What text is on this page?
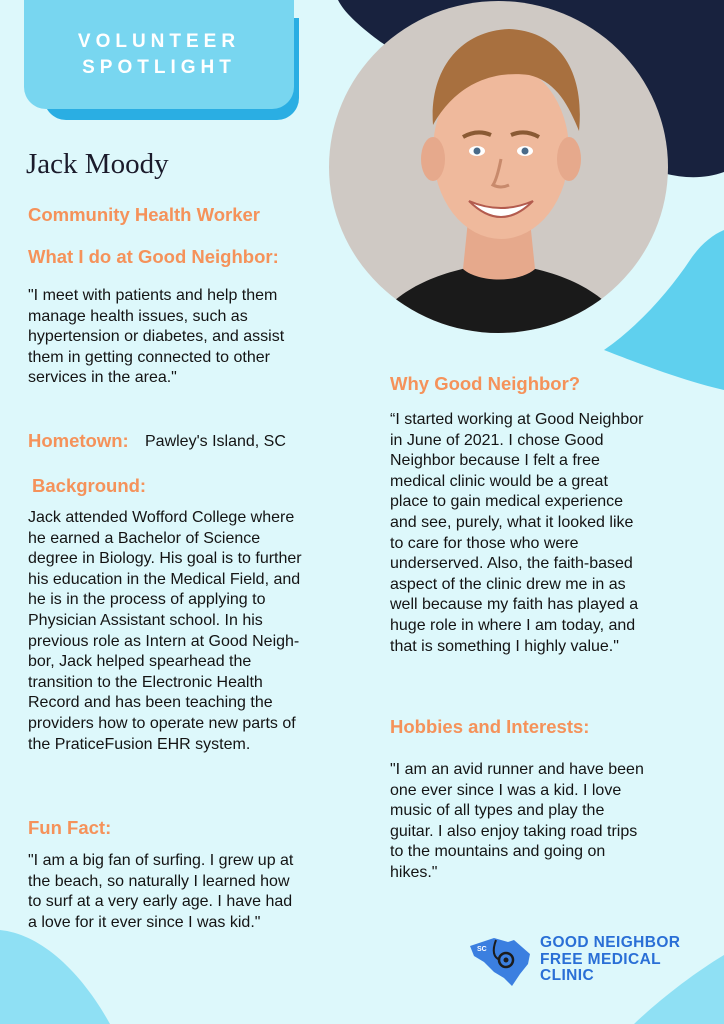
VOLUNTEER
SPOTLIGHT
Jack Moody
Community Health Worker
What I do at Good Neighbor:
"I meet with patients and help them
manage health issues, such as
hypertension or diabetes, and assist
them in getting connected to other
services in the area."
Hometown: Pawley's Island, SC
Background:
Jack attended Wofford College where
he earned a Bachelor of Science
degree in Biology. His goal is to further
his education in the Medical Field, and
he is in the process of applying to
Physician Assistant school. In his
previous role as Intern at Good Neigh-
bor, Jack helped spearhead the
transition to the Electronic Health
Record and has been teaching the
providers how to operate new parts of
the PraticeFusion EHR system.
Fun Fact:
"I am a big fan of surfing. I grew up at
the beach, so naturally I learned how
to surf at a very early age. I have had
a love for it ever since I was kid."
Why Good Neighbor?
“I started working at Good Neighbor
in June of 2021. I chose Good
Neighbor because I felt a free
medical clinic would be a great
place to gain medical experience
and see, purely, what it looked like
to care for those who were
underserved. Also, the faith-based
aspect of the clinic drew me in as
well because my faith has played a
huge role in where I am today, and
that is something I highly value."
Hobbies and Interests:
"I am an avid runner and have been
one ever since I was a kid. I love
music of all types and play the
guitar. I also enjoy taking road trips
to the mountains and going on
hikes."
SC	GOOD NEIGHBOR
FREE MEDICAL
CLINIC
